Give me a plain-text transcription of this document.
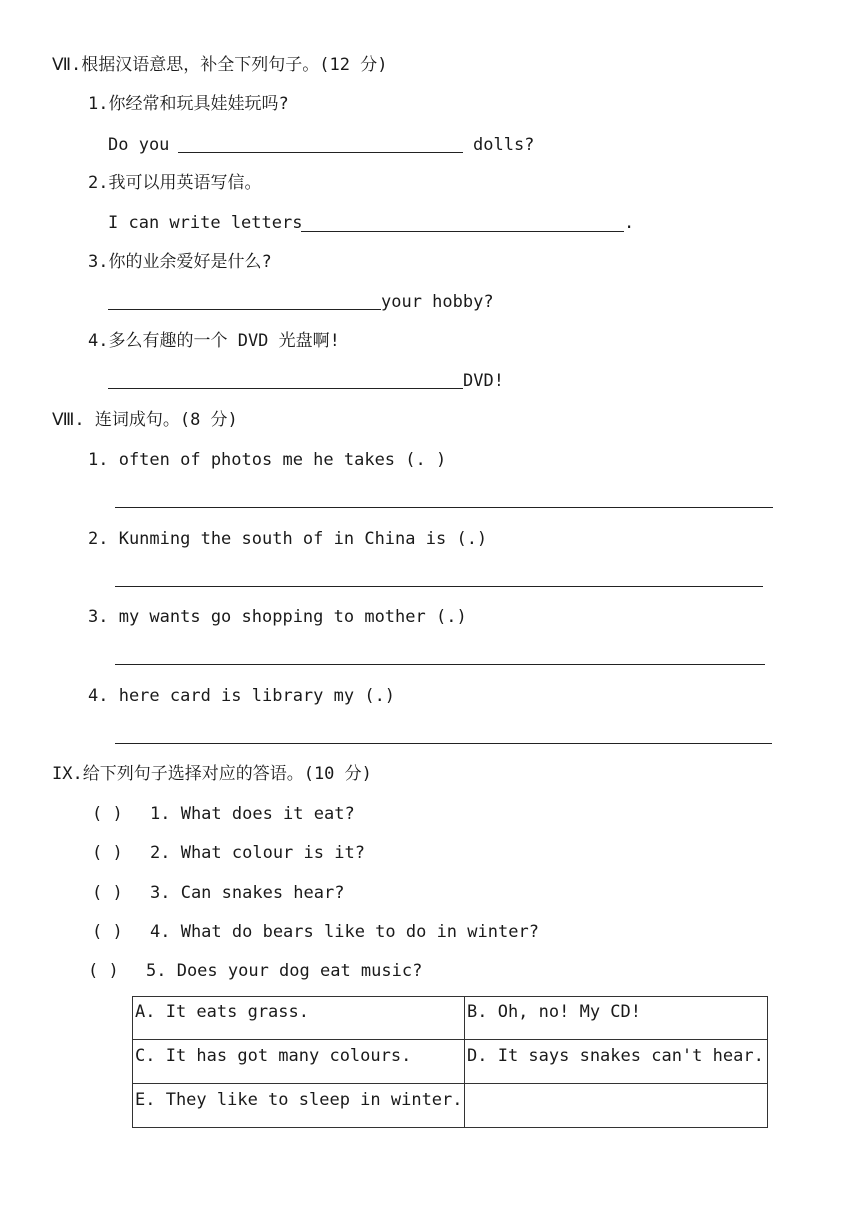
Ⅶ.根据汉语意思，补全下列句子。(12 分)
1.你经常和玩具娃娃玩吗?
Do you	dolls?
2.我可以用英语写信。
I can write letters	.
3.你的业余爱好是什么?
your hobby?
4.多么有趣的一个 DVD 光盘啊!
DVD!
Ⅷ. 连词成句。(8 分)
1. often of photos me he takes (. )
2. Kunming the south of in China is (.)
3. my wants go shopping to mother (.)
4. here card is library my (.)
IX.给下列句子选择对应的答语。(10 分)
( ) 1. What does it eat?
( ) 2. What colour is it?
( ) 3. Can snakes hear?
( ) 4. What do bears like to do in winter?
( ) 5. Does your dog eat music?
A. It eats grass.	B. Oh, no! My CD!
C. It has got many colours.	D. It says snakes can't hear.
E. They like to sleep in winter.	
